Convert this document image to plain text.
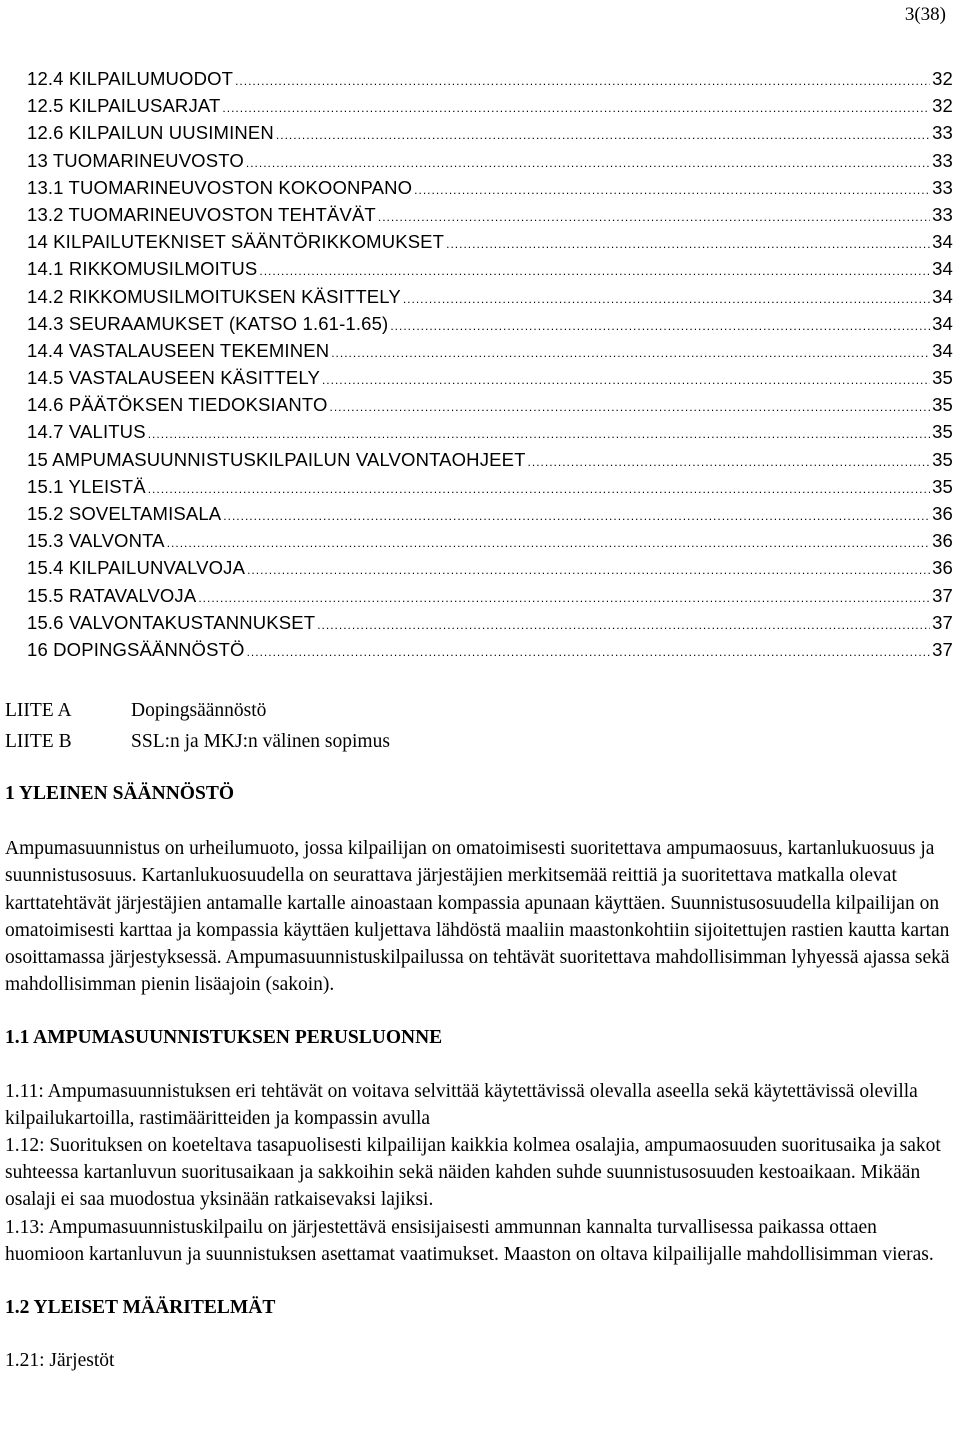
3(38)
12.4 KILPAILUMUODOT .....	32
12.5 KILPAILUSARJAT .....	32
12.6 KILPAILUN UUSIMINEN .....	33
13 TUOMARINEUVOSTO .....	33
13.1 TUOMARINEUVOSTON KOKOONPANO .....	33
13.2 TUOMARINEUVOSTON TEHTÄVÄT .....	33
14 KILPAILUTEKNISET SÄÄNTÖRIKKOMUKSET .....	34
14.1 RIKKOMUSILMOITUS .....	34
14.2 RIKKOMUSILMOITUKSEN KÄSITTELY .....	34
14.3 SEURAAMUKSET (KATSO 1.61-1.65) .....	34
14.4 VASTALAUSEEN TEKEMINEN .....	34
14.5 VASTALAUSEEN KÄSITTELY .....	35
14.6 PÄÄTÖKSEN TIEDOKSIANTO .....	35
14.7 VALITUS .....	35
15 AMPUMASUUNNISTUSKILPAILUN VALVONTAOHJEET .....	35
15.1 YLEISTÄ .....	35
15.2 SOVELTAMISALA .....	36
15.3 VALVONTA .....	36
15.4 KILPAILUNVALVOJA .....	36
15.5 RATAVALVOJA .....	37
15.6 VALVONTAKUSTANNUKSET .....	37
16 DOPINGSÄÄNNÖSTÖ .....	37
LIITE A	Dopingsäännöstö
LIITE B	SSL:n ja MKJ:n välinen sopimus
1 YLEINEN SÄÄNNÖSTÖ

Ampumasuunnistus on urheilumuoto, jossa kilpailijan on omatoimisesti suoritettava ampumaosuus, kartanlukuosuus ja suunnistusosuus. Kartanlukuosuudella on seurattava järjestäjien merkitsemää reittiä ja suoritettava matkalla olevat karttatehtävät järjestäjien antamalle kartalle ainoastaan kompassia apunaan käyttäen. Suunnistusosuudella kilpailijan on omatoimisesti karttaa ja kompassia käyttäen kuljettava lähdöstä maaliin maastonkohtiin sijoitettujen rastien kautta kartan osoittamassa järjestyksessä. Ampumasuunnistuskilpailussa on tehtävät suoritettava mahdollisimman lyhyessä ajassa sekä mahdollisimman pienin lisäajoin (sakoin).

1.1 AMPUMASUUNNISTUKSEN PERUSLUONNE

1.11: Ampumasuunnistuksen eri tehtävät on voitava selvittää käytettävissä olevalla aseella sekä käytettävissä olevilla kilpailukartoilla, rastimääritteiden ja kompassin avulla

1.12: Suorituksen on koeteltava tasapuolisesti kilpailijan kaikkia kolmea osalajia, ampumaosuuden suoritusaika ja sakot suhteessa kartanluvun suoritusaikaan ja sakkoihin sekä näiden kahden suhde suunnistusosuuden kestoaikaan. Mikään osalaji ei saa muodostua yksinään ratkaisevaksi lajiksi.

1.13: Ampumasuunnistuskilpailu on järjestettävä ensisijaisesti ammunnan kannalta turvallisessa paikassa ottaen huomioon kartanluvun ja suunnistuksen asettamat vaatimukset. Maaston on oltava kilpailijalle mahdollisimman vieras.

1.2 YLEISET MÄÄRITELMÄT

1.21: Järjestöt
